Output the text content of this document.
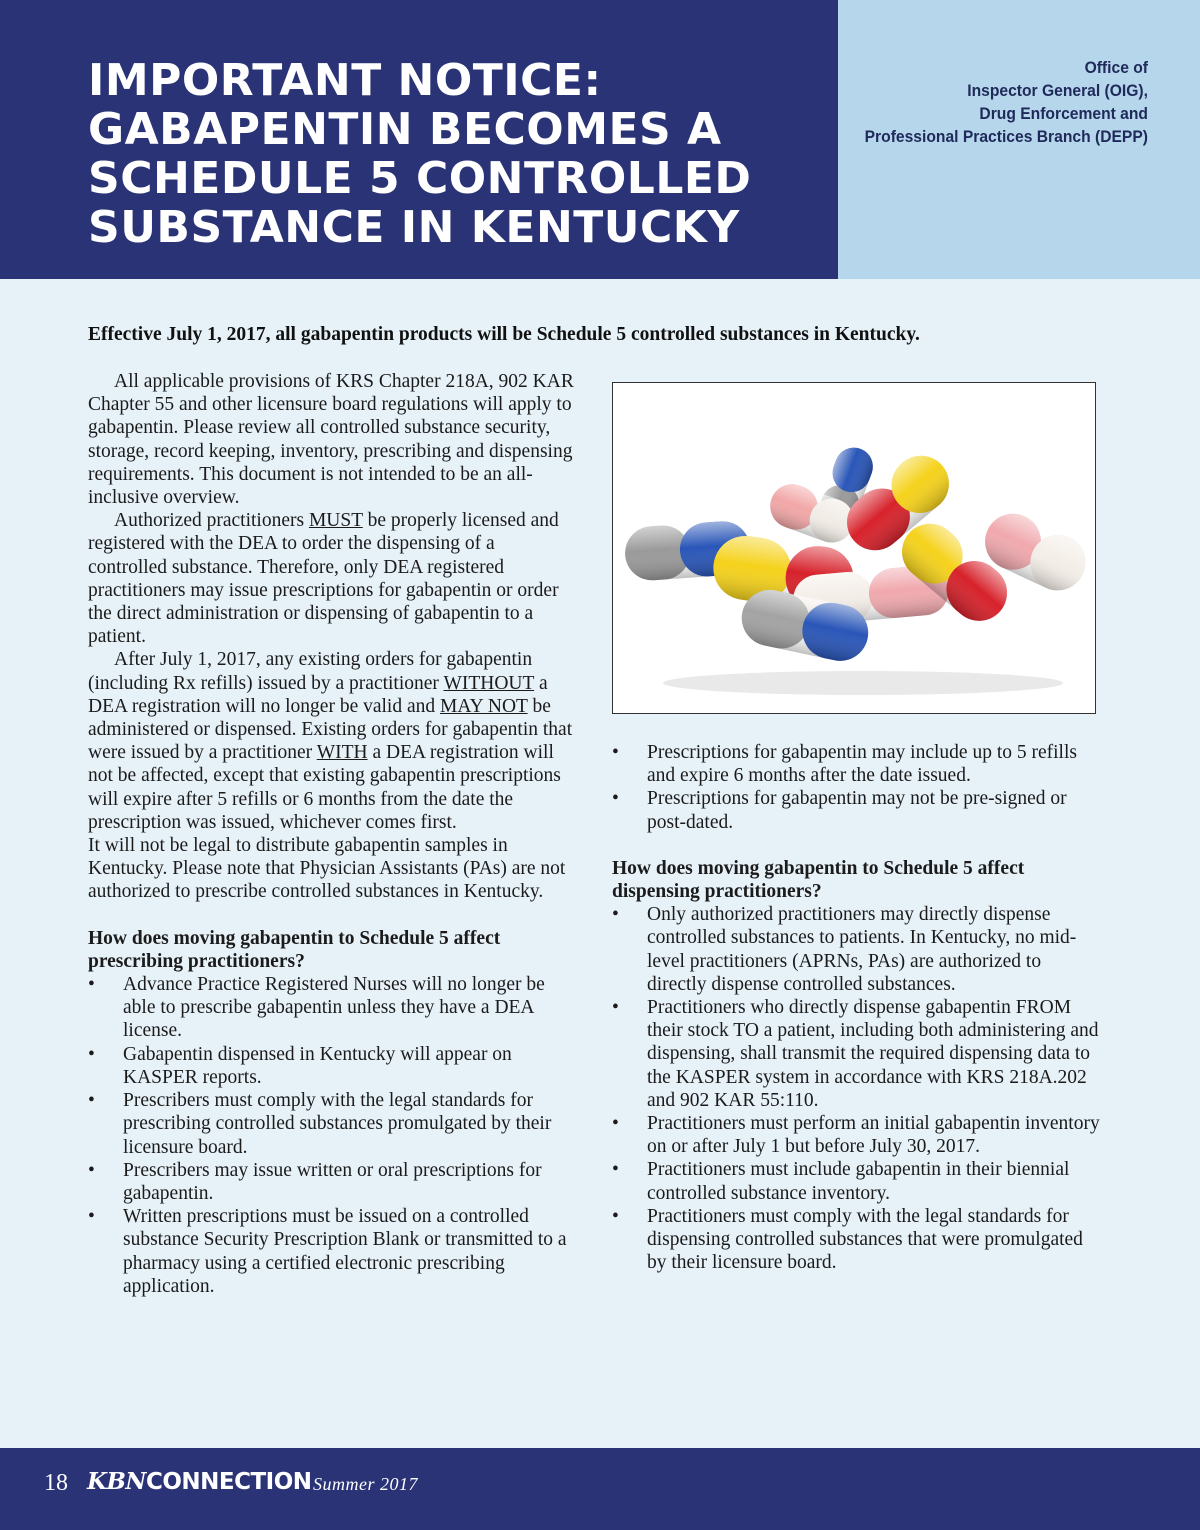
IMPORTANT NOTICE:
GABAPENTIN BECOMES A
SCHEDULE 5 CONTROLLED
SUBSTANCE IN KENTUCKY
Office of
Inspector General (OIG),
Drug Enforcement and
Professional Practices Branch (DEPP)
Effective July 1, 2017, all gabapentin products will be Schedule 5 controlled substances in Kentucky.

All applicable provisions of KRS Chapter 218A, 902 KAR Chapter 55 and other licensure board regulations will apply to gabapentin. Please review all controlled substance security, storage, record keeping, inventory, prescribing and dispensing requirements. This document is not intended to be an all-inclusive overview.

Authorized practitioners MUST be properly licensed and registered with the DEA to order the dispensing of a controlled substance. Therefore, only DEA registered practitioners may issue prescriptions for gabapentin or order the direct administration or dispensing of gabapentin to a patient.

After July 1, 2017, any existing orders for gabapentin (including Rx refills) issued by a practitioner WITHOUT a DEA registration will no longer be valid and MAY NOT be administered or dispensed. Existing orders for gabapentin that were issued by a practitioner WITH a DEA registration will not be affected, except that existing gabapentin prescriptions will expire after 5 refills or 6 months from the date the prescription was issued, whichever comes first.

It will not be legal to distribute gabapentin samples in Kentucky. Please note that Physician Assistants (PAs) are not authorized to prescribe controlled substances in Kentucky.

How does moving gabapentin to Schedule 5 affect prescribing practitioners?

• Advance Practice Registered Nurses will no longer be able to prescribe gabapentin unless they have a DEA license.
• Gabapentin dispensed in Kentucky will appear on KASPER reports.
• Prescribers must comply with the legal standards for prescribing controlled substances promulgated by their licensure board.
• Prescribers may issue written or oral prescriptions for gabapentin.
• Written prescriptions must be issued on a controlled substance Security Prescription Blank or transmitted to a pharmacy using a certified electronic prescribing application.
• Prescriptions for gabapentin may include up to 5 refills and expire 6 months after the date issued.
• Prescriptions for gabapentin may not be pre-signed or post-dated.

How does moving gabapentin to Schedule 5 affect dispensing practitioners?

• Only authorized practitioners may directly dispense controlled substances to patients. In Kentucky, no mid-level practitioners (APRNs, PAs) are authorized to directly dispense controlled substances.
• Practitioners who directly dispense gabapentin FROM their stock TO a patient, including both administering and dispensing, shall transmit the required dispensing data to the KASPER system in accordance with KRS 218A.202 and 902 KAR 55:110.
• Practitioners must perform an initial gabapentin inventory on or after July 1 but before July 30, 2017.
• Practitioners must include gabapentin in their biennial controlled substance inventory.
• Practitioners must comply with the legal standards for dispensing controlled substances that were promulgated by their licensure board.
18 KBNCONNECTION Summer 2017
